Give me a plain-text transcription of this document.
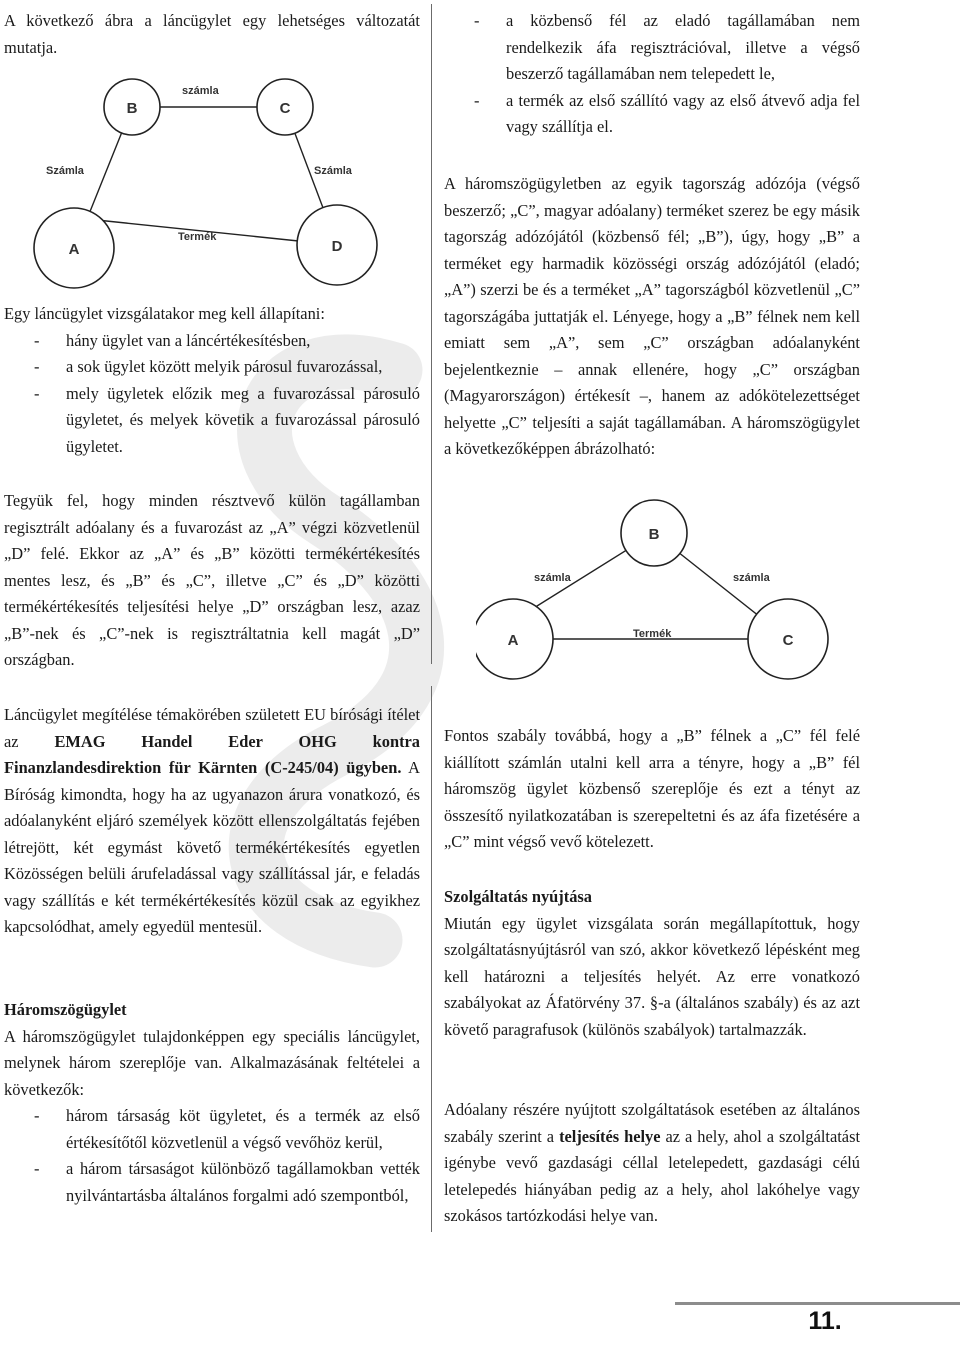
A következő ábra a láncügylet egy lehetséges változatát mutatja.

B	C
A	D
számla
Számla	Számla
Termék

Egy láncügylet vizsgálatakor meg kell állapítani:

- hány ügylet van a láncértékesítésben,

- a sok ügylet között melyik párosul fuvarozással,

- mely ügyletek előzik meg a fuvarozással párosuló ügyletet, és melyek követik a fuvarozással párosuló ügyletet.

Tegyük fel, hogy minden résztvevő külön tagállamban regisztrált adóalany és a fuvarozást az „A” végzi közvetlenül „D” felé. Ekkor az „A” és „B” közötti termékértékesítés mentes lesz, és „B” és „C”, illetve „C” és „D” közötti termékértékesítés teljesítési helye „D” országban lesz, azaz „B”-nek és „C”-nek is regisztráltatnia kell magát „D” országban.

Láncügylet megítélése témakörében született EU bírósági ítélet az EMAG Handel Eder OHG kontra Finanzlandesdirektion für Kärnten (C-245/04) ügyben. A Bíróság kimondta, hogy ha az ugyanazon árura vonatkozó, és adóalanyként eljáró személyek között ellenszolgáltatás fejében létrejött, két egymást követő termékértékesítés egyetlen Közösségen belüli árufeladással vagy szállítással jár, e feladás vagy szállítás e két termékértékesítés közül csak az egyikhez kapcsolódhat, amely egyedül mentesül.

Háromszögügylet

A háromszögügylet tulajdonképpen egy speciális láncügylet, melynek három szereplője van. Alkalmazásának feltételei a következők:

- három társaság köt ügyletet, és a termék az első értékesítőtől közvetlenül a végső vevőhöz kerül,

- a három társaságot különböző tagállamokban vették nyilvántartásba általános forgalmi adó szempontból,

- a közbenső fél az eladó tagállamában nem rendelkezik áfa regisztrációval, illetve a végső beszerző tagállamában nem telepedett le,

- a termék az első szállító vagy az első átvevő adja fel vagy szállítja el.

A háromszögügyletben az egyik tagország adózója (végső beszerző; „C”, magyar adóalany) terméket szerez be egy másik tagország adózójától (közbenső fél; „B”), úgy, hogy „B” a terméket egy harmadik közösségi ország adózójától (eladó; „A”) szerzi be és a terméket „A” tagországból közvetlenül „C” tagországába juttatják el. Lényege, hogy a „B” félnek nem kell emiatt sem „A”, sem „C” országban adóalanyként bejelentkeznie – annak ellenére, hogy „C” országban (Magyarországon) értékesít –, hanem az adókötelezettséget helyette „C” teljesíti a saját tagállamában. A háromszögügylet a következőképpen ábrázolható:

B
A	C
számla	számla
Termék

Fontos szabály továbbá, hogy a „B” félnek a „C” fél felé kiállított számlán utalni kell arra a tényre, hogy a „B” fél háromszög ügylet közbenső szereplője és ezt a tényt az összesítő nyilatkozatában is szerepeltetni és az áfa fizetésére a „C” mint végső vevő kötelezett.

Szolgáltatás nyújtása

Miután egy ügylet vizsgálata során megállapítottuk, hogy szolgáltatásnyújtásról van szó, akkor következő lépésként meg kell határozni a teljesítés helyét. Az erre vonatkozó szabályokat az Áfatörvény 37. §-a (általános szabály) és az azt követő paragrafusok (különös szabályok) tartalmazzák.

Adóalany részére nyújtott szolgáltatások esetében az általános szabály szerint a teljesítés helye az a hely, ahol a szolgáltatást igénybe vevő gazdasági céllal letelepedett, gazdasági célú letelepedés hiányában pedig az a hely, ahol lakóhelye vagy szokásos tartózkodási helye van.

11.
